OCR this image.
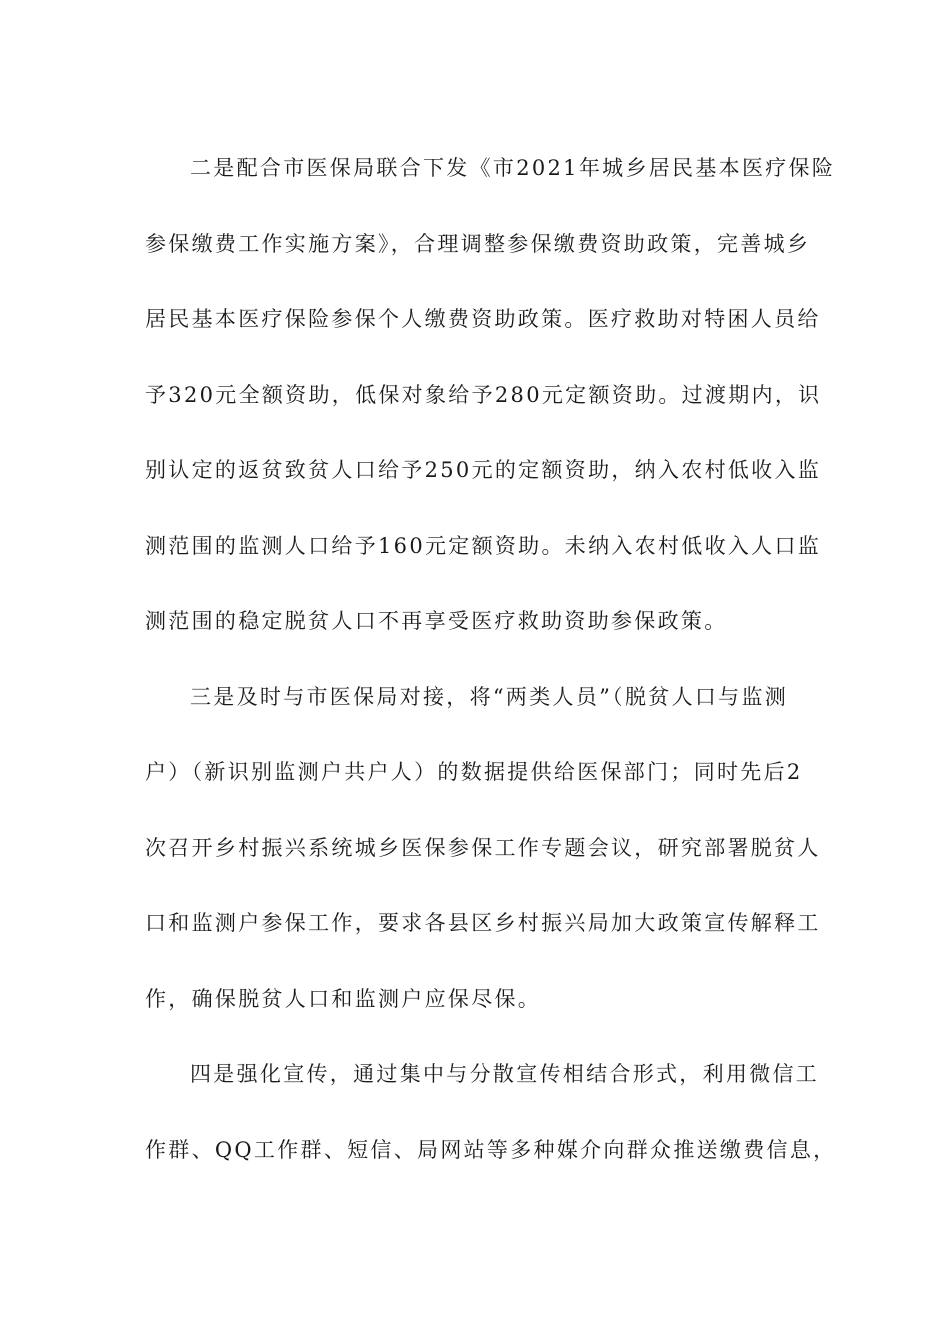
二是配合市医保局联合下发《市2021年城乡居民基本医疗保险
参保缴费工作实施方案》，合理调整参保缴费资助政策，完善城乡
居民基本医疗保险参保个人缴费资助政策。医疗救助对特困人员给
予320元全额资助，低保对象给予280元定额资助。过渡期内，识
别认定的返贫致贫人口给予250元的定额资助，纳入农村低收入监
测范围的监测人口给予160元定额资助。未纳入农村低收入人口监
测范围的稳定脱贫人口不再享受医疗救助资助参保政策。

三是及时与市医保局对接，将“两类人员”（脱贫人口与监测
户）（新识别监测户共户人）的数据提供给医保部门；同时先后2
次召开乡村振兴系统城乡医保参保工作专题会议，研究部署脱贫人
口和监测户参保工作，要求各县区乡村振兴局加大政策宣传解释工
作，确保脱贫人口和监测户应保尽保。

四是强化宣传，通过集中与分散宣传相结合形式，利用微信工
作群、QQ工作群、短信、局网站等多种媒介向群众推送缴费信息，
